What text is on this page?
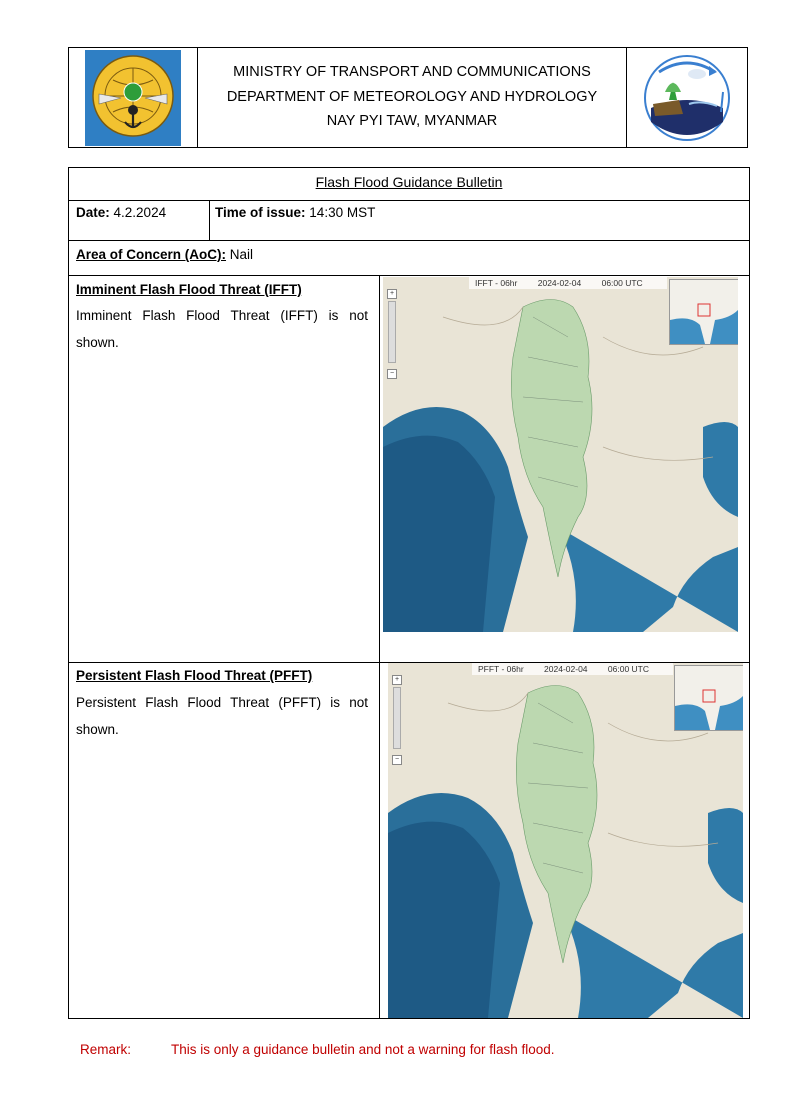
MINISTRY OF TRANSPORT AND COMMUNICATIONS
DEPARTMENT OF METEOROLOGY AND HYDROLOGY
NAY PYI TAW, MYANMAR
Flash Flood Guidance Bulletin
Date: 4.2.2024	Time of issue: 14:30 MST
Area of Concern (AoC): Nail
Imminent Flash Flood Threat (IFFT)
Imminent Flash Flood Threat (IFFT) is not shown.
Persistent Flash Flood Threat (PFFT)
Persistent Flash Flood Threat (PFFT) is not shown.
IFFT - 06hr 2024-02-04 06:00 UTC
+
−
PFFT - 06hr 2024-02-04 06:00 UTC
+
−
Remark:	This is only a guidance bulletin and not a warning for flash flood.
